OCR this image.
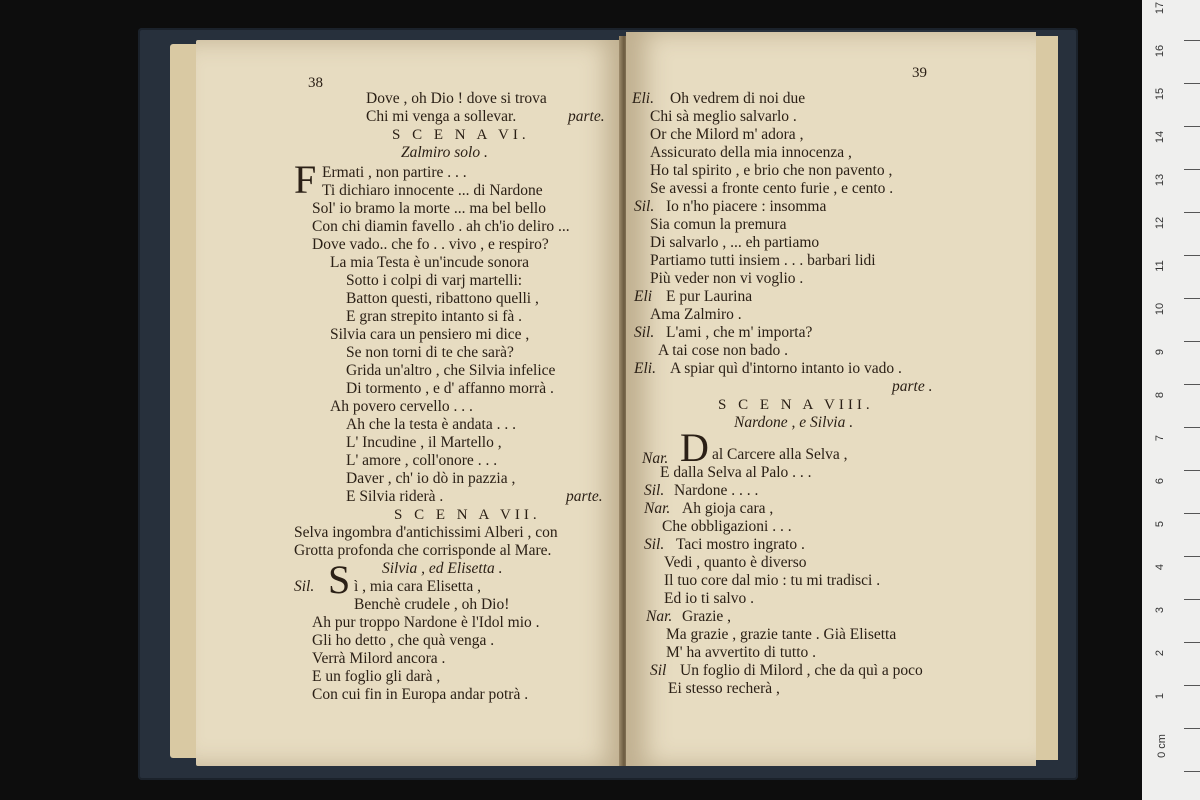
38
Dove , oh Dio ! dove si trova
Chi mi venga a sollevar.	parte.
S C E N A VI.
Zalmiro solo .
F Ermati , non partire . . .
Ti dichiaro innocente ... di Nardone
Sol' io bramo la morte ... ma bel bello
Con chi diamin favello . ah ch'io deliro ...
Dove vado.. che fo . . vivo , e respiro?
La mia Testa è un'incude sonora
Sotto i colpi di varj martelli:
Batton questi, ribattono quelli ,
E gran strepito intanto si fà .
Silvia cara un pensiero mi dice ,
Se non torni di te che sarà?
Grida un'altro , che Silvia infelice
Di tormento , e d' affanno morrà .
Ah povero cervello . . .
Ah che la testa è andata . . .
L' Incudine , il Martello ,
L' amore , coll'onore . . .
Daver , ch' io dò in pazzia ,
E Silvia riderà .	parte.
S C E N A VII.
Selva ingombra d'antichissimi Alberi , con
Grotta profonda che corrisponde al Mare.
Silvia , ed Elisetta .
Sil. S ì , mia cara Elisetta ,
Benchè crudele , oh Dio!
Ah pur troppo Nardone è l'Idol mio .
Gli ho detto , che quà venga .
Verrà Milord ancora .
E un foglio gli darà ,
Con cui fin in Europa andar potrà .
39
Eli. Oh vedrem di noi due
Chi sà meglio salvarlo .
Or che Milord m' adora ,
Assicurato della mia innocenza ,
Ho tal spirito , e brio che non pavento ,
Se avessi a fronte cento furie , e cento .
Sil. Io n'ho piacere : insomma
Sia comun la premura
Di salvarlo , ... eh partiamo
Partiamo tutti insiem . . . barbari lidi
Più veder non vi voglio .
Eli E pur Laurina
Ama Zalmiro .
Sil. L'ami , che m' importa?
A tai cose non bado .
Eli. A spiar quì d'intorno intanto io vado .
parte .
S C E N A VIII.
Nardone , e Silvia .
Nar. D al Carcere alla Selva ,
E dalla Selva al Palo . . .
Sil. Nardone . . . .
Nar. Ah gioja cara ,
Che obbligazioni . . .
Sil. Taci mostro ingrato .
Vedi , quanto è diverso
Il tuo core dal mio : tu mi tradisci .
Ed io ti salvo .
Nar. Grazie ,
Ma grazie , grazie tante . Già Elisetta
M' ha avvertito di tutto .
Sil Un foglio di Milord , che da quì a poco
Ei stesso recherà ,
17
16
15
14
13
12
11
10
9
8
7
6
5
4
3
2
1
0 cm
